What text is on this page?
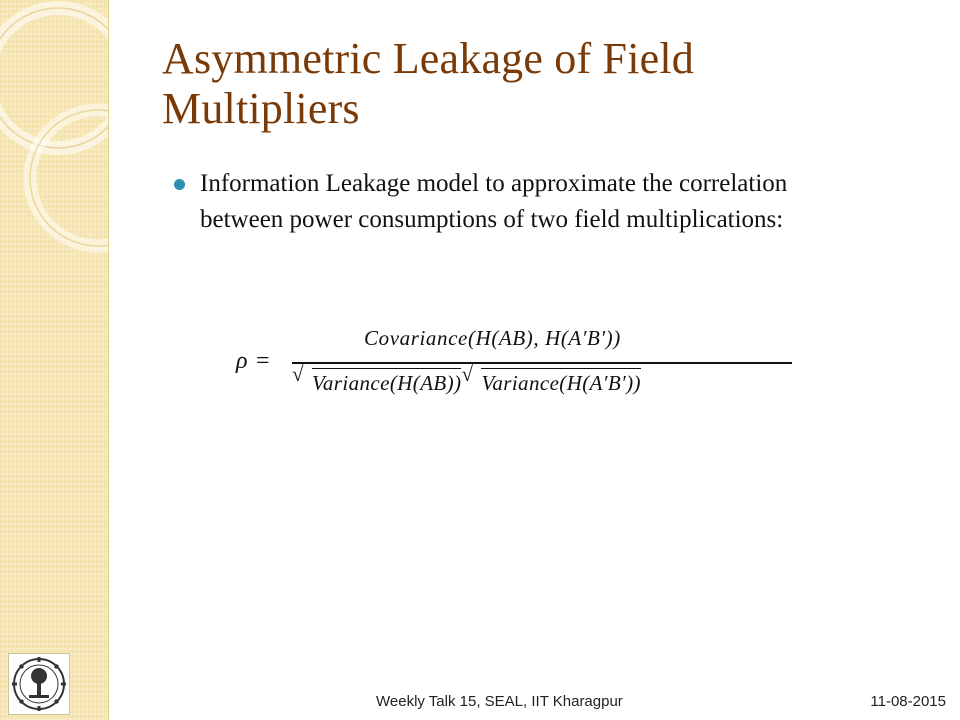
Asymmetric Leakage of Field
Multipliers
Information Leakage model to approximate the correlation between power consumptions of two field multiplications:
ρ =
Covariance(H(AB), H(A′B′))
√ Variance(H(AB)) √ Variance(H(A′B′))
Weekly Talk 15, SEAL, IIT Kharagpur	11-08-2015
